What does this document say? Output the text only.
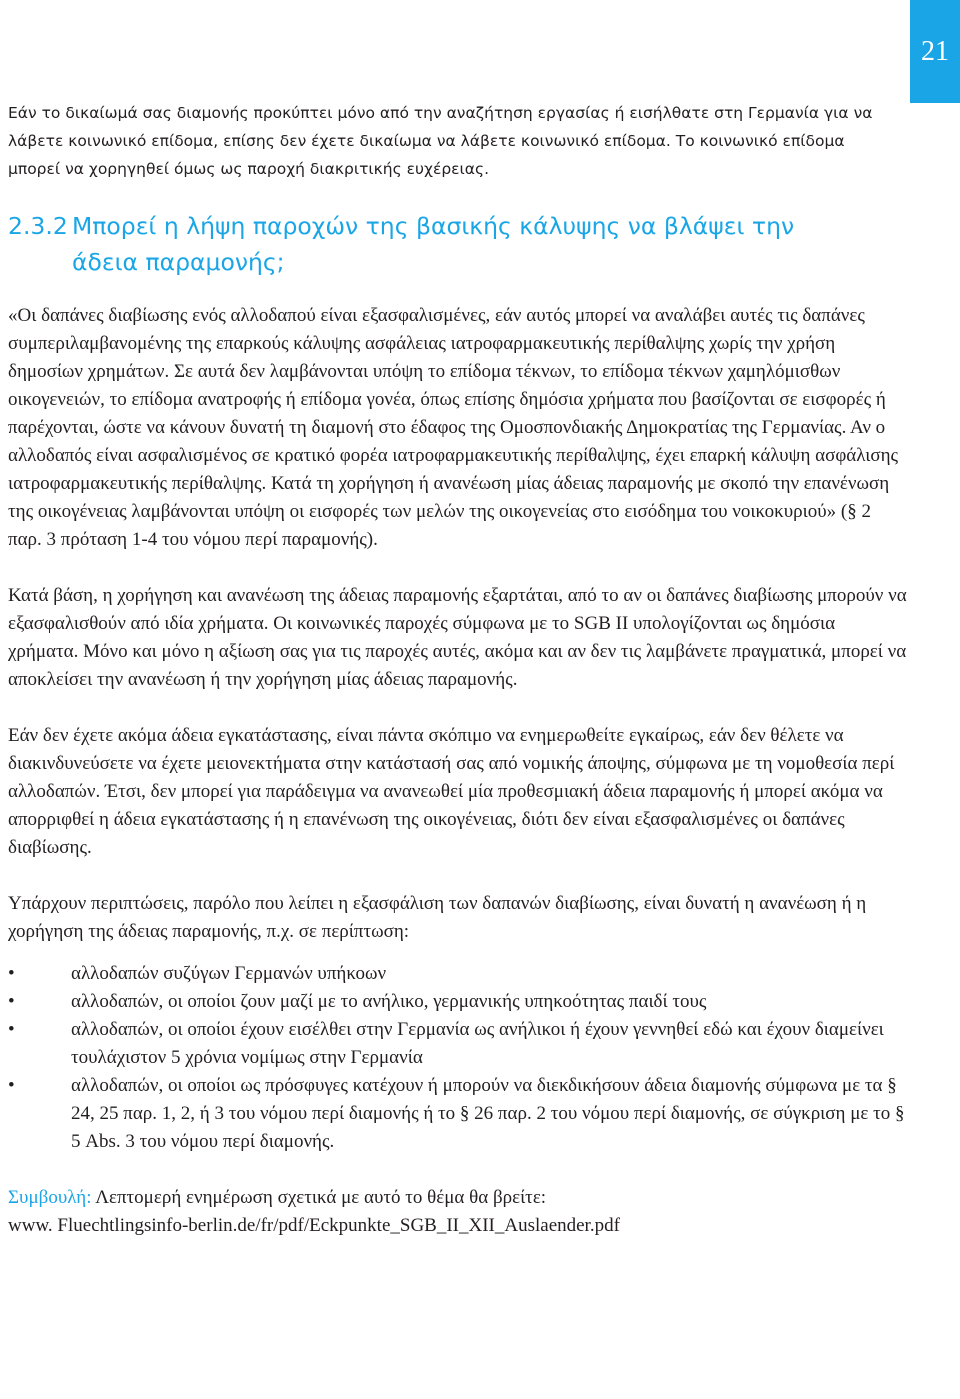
21

Εάν το δικαίωμά σας διαμονής προκύπτει μόνο από την αναζήτηση εργασίας ή εισήλθατε στη Γερμανία για να λάβετε κοινωνικό επίδομα, επίσης δεν έχετε δικαίωμα να λάβετε κοινωνικό επίδομα. Το κοινωνικό επίδομα μπορεί να χορηγηθεί όμως ως παροχή διακριτικής ευχέρειας.

2.3.2 Μπορεί η λήψη παροχών της βασικής κάλυψης να βλάψει την
άδεια παραμονής;

«Οι δαπάνες διαβίωσης ενός αλλοδαπού είναι εξασφαλισμένες, εάν αυτός μπορεί να αναλάβει αυτές τις δαπάνες συμπεριλαμβανομένης της επαρκούς κάλυψης ασφάλειας ιατροφαρμακευτικής περίθαλψης χωρίς την χρήση δημοσίων χρημάτων. Σε αυτά δεν λαμβάνονται υπόψη το επίδομα τέκνων, το επίδομα τέκνων χαμηλόμισθων οικογενειών, το επίδομα ανατροφής ή επίδομα γονέα, όπως επίσης δημόσια χρήματα που βασίζονται σε εισφορές ή παρέχονται, ώστε να κάνουν δυνατή τη διαμονή στο έδαφος της Ομοσπονδιακής Δημοκρατίας της Γερμανίας. Αν ο αλλοδαπός είναι ασφαλισμένος σε κρατικό φορέα ιατροφαρμακευτικής περίθαλψης, έχει επαρκή κάλυψη ασφάλισης ιατροφαρμακευτικής περίθαλψης. Κατά τη χορήγηση ή ανανέωση μίας άδειας παραμονής με σκοπό την επανένωση της οικογένειας λαμβάνονται υπόψη οι εισφορές των μελών της οικογενείας στο εισόδημα του νοικοκυριού» (§ 2 παρ. 3 πρόταση 1-4 του νόμου περί παραμονής).

Κατά βάση, η χορήγηση και ανανέωση της άδειας παραμονής εξαρτάται, από το αν οι δαπάνες διαβίωσης μπορούν να εξασφαλισθούν από ιδία χρήματα. Οι κοινωνικές παροχές σύμφωνα με το SGB II υπολογίζονται ως δημόσια χρήματα. Μόνο και μόνο η αξίωση σας για τις παροχές αυτές, ακόμα και αν δεν τις λαμβάνετε πραγματικά, μπορεί να αποκλείσει την ανανέωση ή την χορήγηση μίας άδειας παραμονής.

Εάν δεν έχετε ακόμα άδεια εγκατάστασης, είναι πάντα σκόπιμο να ενημερωθείτε εγκαίρως, εάν δεν θέλετε να διακινδυνεύσετε να έχετε μειονεκτήματα στην κατάστασή σας από νομικής άποψης, σύμφωνα με τη νομοθεσία περί αλλοδαπών. Έτσι, δεν μπορεί για παράδειγμα να ανανεωθεί μία προθεσμιακή άδεια παραμονής ή μπορεί ακόμα να απορριφθεί η άδεια εγκατάστασης ή η επανένωση της οικογένειας, διότι δεν είναι εξασφαλισμένες οι δαπάνες διαβίωσης.

Υπάρχουν περιπτώσεις, παρόλο που λείπει η εξασφάλιση των δαπανών διαβίωσης, είναι δυνατή η ανανέωση ή η χορήγηση της άδειας παραμονής, π.χ. σε περίπτωση:

•	αλλοδαπών συζύγων Γερμανών υπήκοων
•	αλλοδαπών, οι οποίοι ζουν μαζί με το ανήλικο, γερμανικής υπηκοότητας παιδί τους
•	αλλοδαπών, οι οποίοι έχουν εισέλθει στην Γερμανία ως ανήλικοι ή έχουν γεννηθεί εδώ και έχουν διαμείνει τουλάχιστον 5 χρόνια νομίμως στην Γερμανία
•	αλλοδαπών, οι οποίοι ως πρόσφυγες κατέχουν ή μπορούν να διεκδικήσουν άδεια διαμονής σύμφωνα με τα § 24, 25 παρ. 1, 2, ή 3 του νόμου περί διαμονής ή το § 26 παρ. 2 του νόμου περί διαμονής, σε σύγκριση με το § 5 Abs. 3 του νόμου περί διαμονής.
Συμβουλή: Λεπτομερή ενημέρωση σχετικά με αυτό το θέμα θα βρείτε:
www. Fluechtlingsinfo-berlin.de/fr/pdf/Eckpunkte_SGB_II_XII_Auslaender.pdf
